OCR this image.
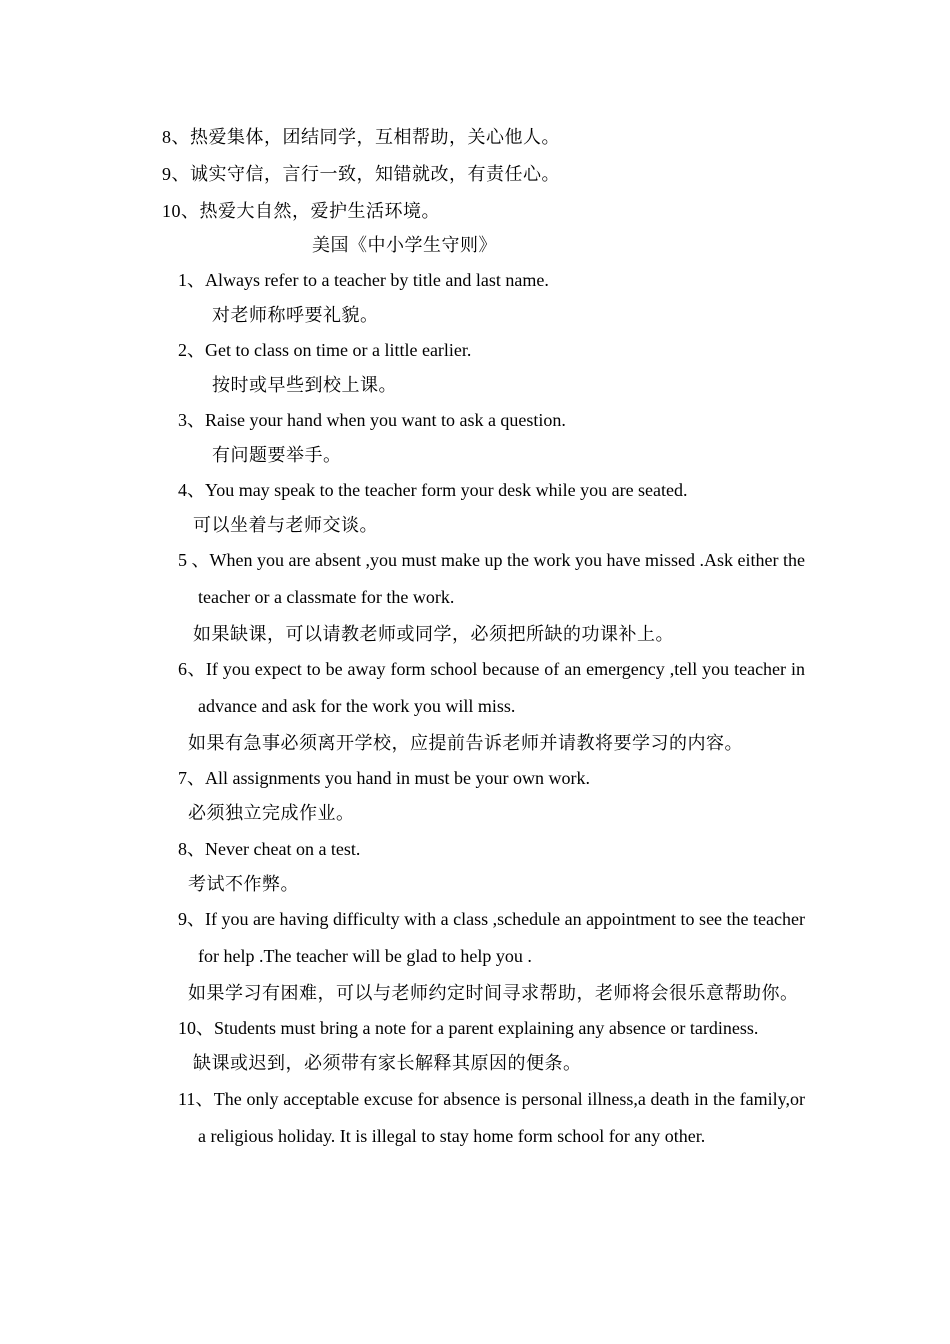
8、热爱集体，团结同学，互相帮助，关心他人。
9、诚实守信，言行一致，知错就改，有责任心。
10、热爱大自然，爱护生活环境。
美国《中小学生守则》
1、Always refer to a teacher by title and last name.
对老师称呼要礼貌。
2、Get to class on time or a little earlier.
按时或早些到校上课。
3、Raise your hand when you want to ask a question.
有问题要举手。
4、You may speak to the teacher form your desk while you are seated.
可以坐着与老师交谈。
5 、When you are absent ,you must make up the work you have missed .Ask either the teacher or a classmate for the work.
如果缺课，可以请教老师或同学，必须把所缺的功课补上。
6、If you expect to be away form school because of an emergency ,tell you teacher in advance and ask for the work you will miss.
如果有急事必须离开学校，应提前告诉老师并请教将要学习的内容。
7、All assignments you hand in must be your own work.
必须独立完成作业。
8、Never cheat on a test.
考试不作弊。
9、If you are having difficulty with a class ,schedule an appointment to see the teacher for help .The teacher will be glad to help you .
如果学习有困难，可以与老师约定时间寻求帮助，老师将会很乐意帮助你。
10、Students must bring a note for a parent explaining any absence or tardiness.
缺课或迟到，必须带有家长解释其原因的便条。
11、The only acceptable excuse for absence is personal illness,a death in the family,or a religious holiday. It is illegal to stay home form school for any other.
